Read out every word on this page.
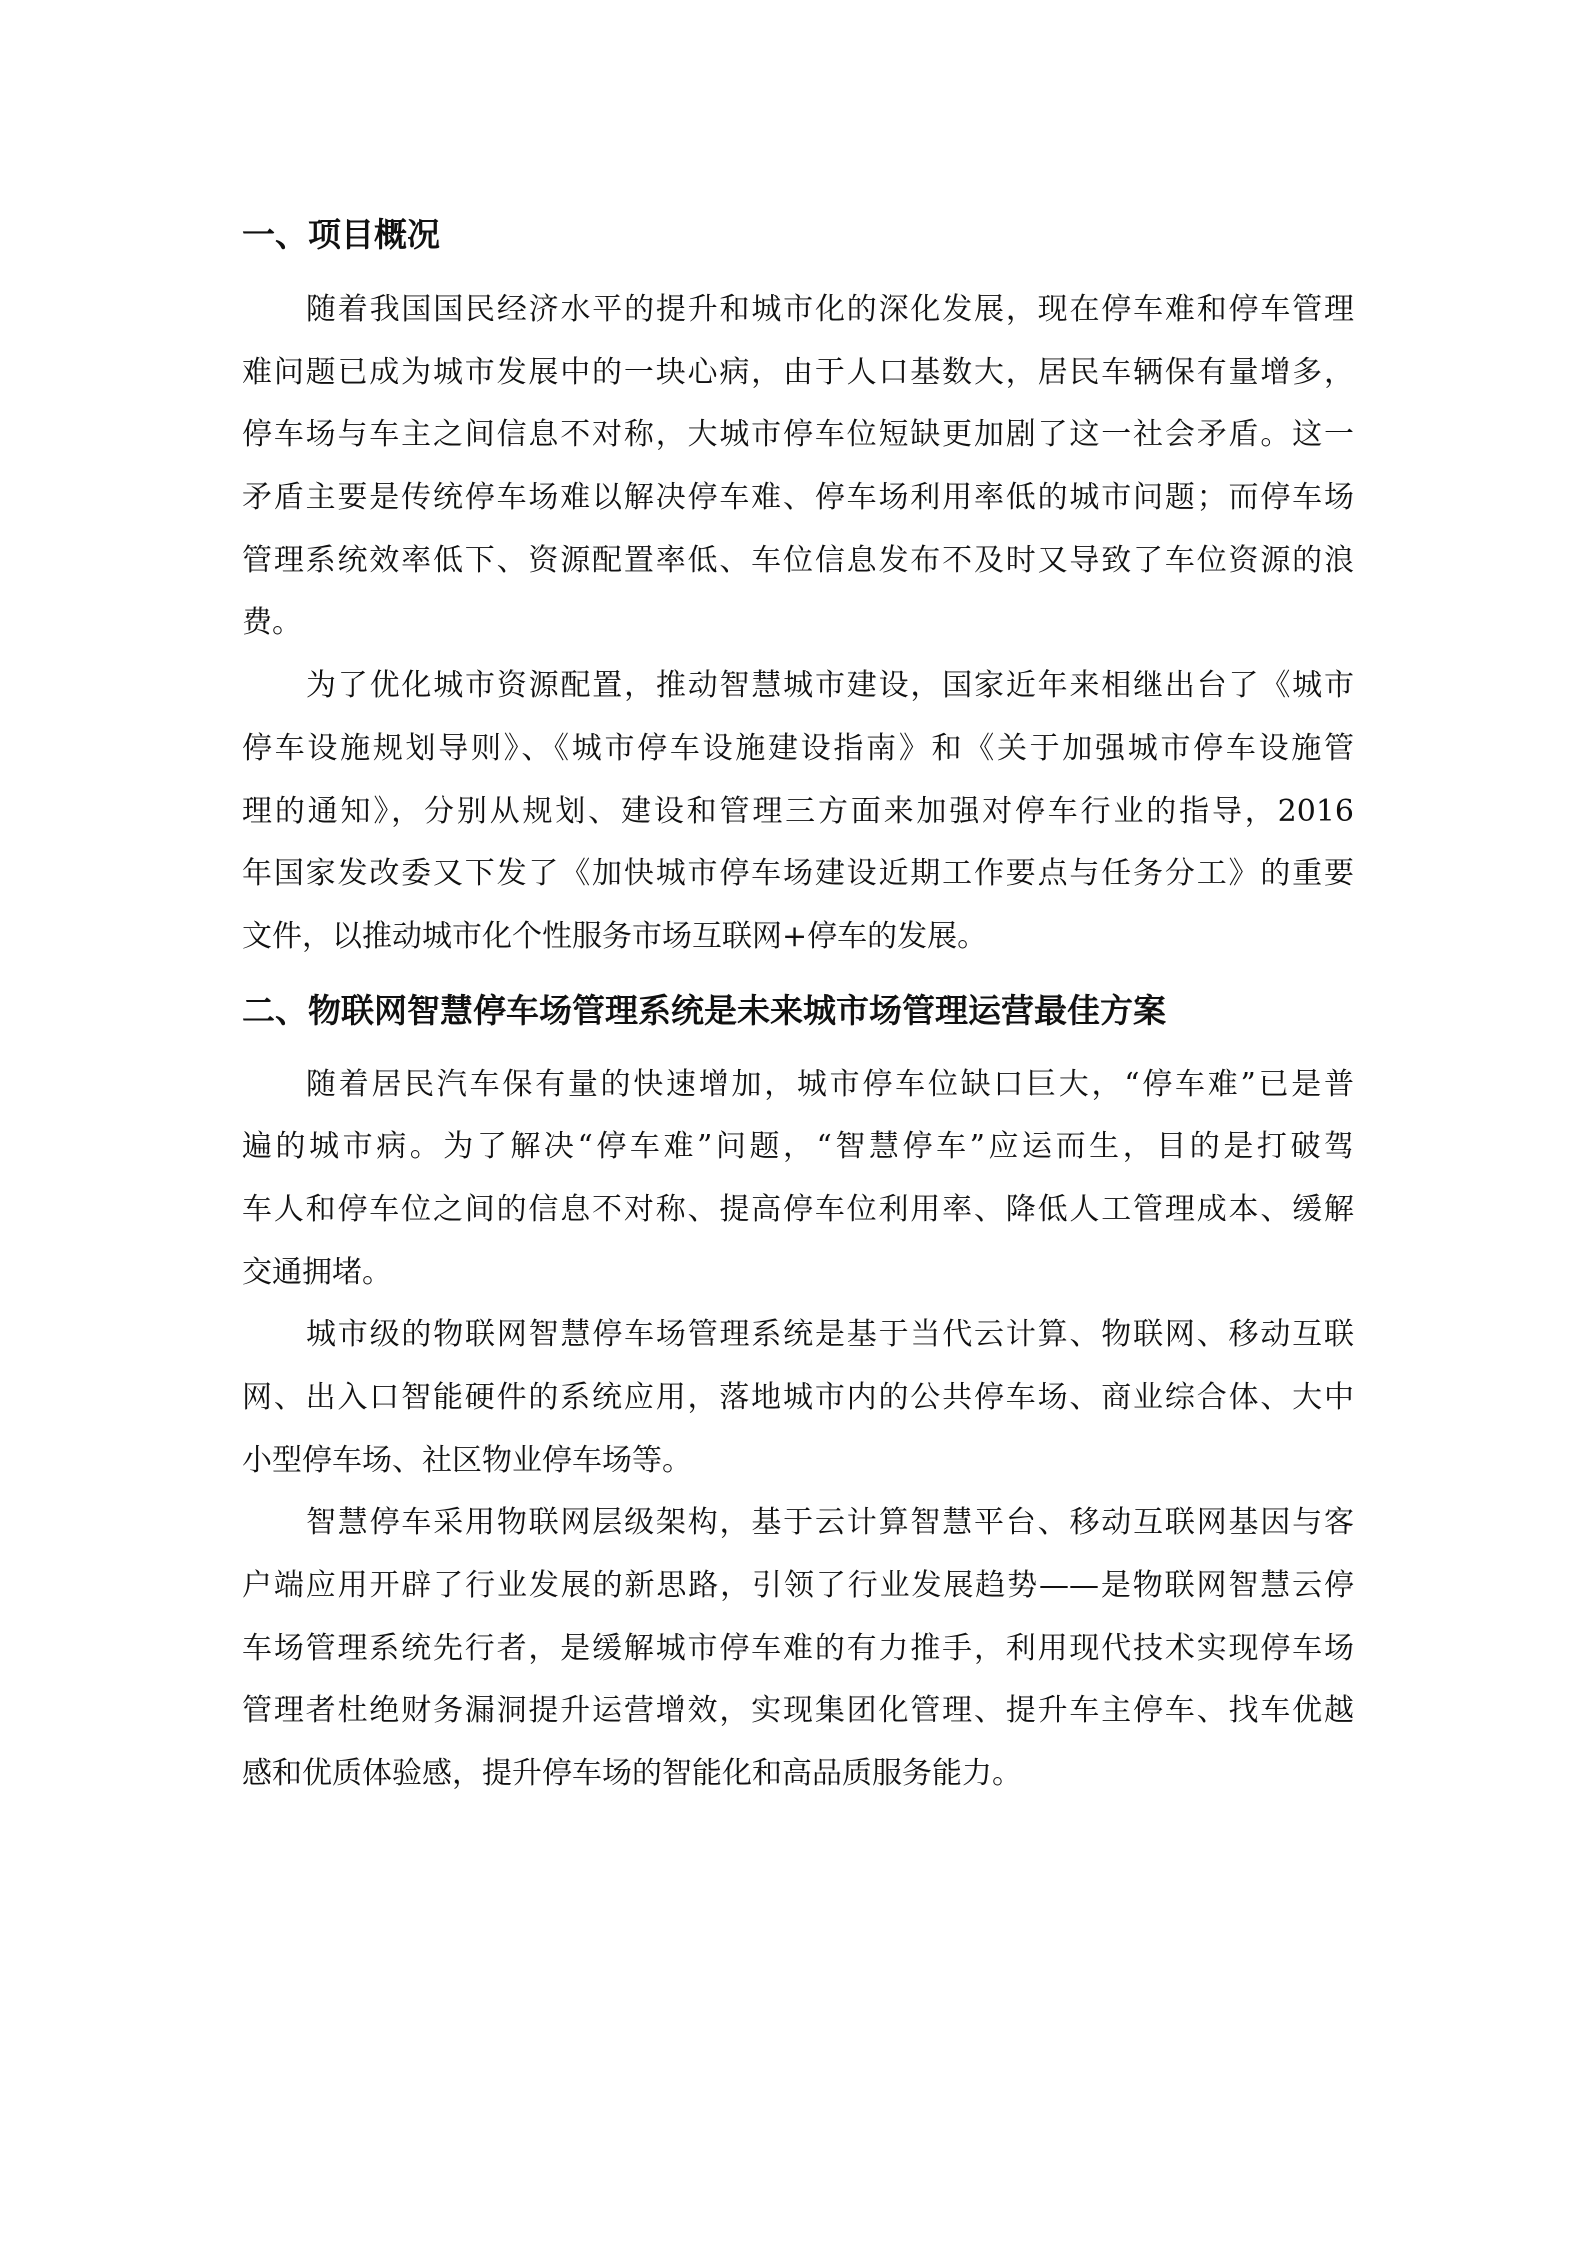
一、项目概况
随着我国国民经济水平的提升和城市化的深化发展，现在停车难和停车管理
难问题已成为城市发展中的一块心病，由于人口基数大，居民车辆保有量增多，
停车场与车主之间信息不对称，大城市停车位短缺更加剧了这一社会矛盾。这一
矛盾主要是传统停车场难以解决停车难、停车场利用率低的城市问题；而停车场
管理系统效率低下、资源配置率低、车位信息发布不及时又导致了车位资源的浪
费。
为了优化城市资源配置，推动智慧城市建设，国家近年来相继出台了《城市
停车设施规划导则》、《城市停车设施建设指南》和《关于加强城市停车设施管
理的通知》，分别从规划、建设和管理三方面来加强对停车行业的指导，2016
年国家发改委又下发了《加快城市停车场建设近期工作要点与任务分工》的重要
文件，以推动城市化个性服务市场互联网+停车的发展。
二、物联网智慧停车场管理系统是未来城市场管理运营最佳方案
随着居民汽车保有量的快速增加，城市停车位缺口巨大，“停车难”已是普
遍的城市病。为了解决“停车难”问题，“智慧停车”应运而生，目的是打破驾
车人和停车位之间的信息不对称、提高停车位利用率、降低人工管理成本、缓解
交通拥堵。
城市级的物联网智慧停车场管理系统是基于当代云计算、物联网、移动互联
网、出入口智能硬件的系统应用，落地城市内的公共停车场、商业综合体、大中
小型停车场、社区物业停车场等。
智慧停车采用物联网层级架构，基于云计算智慧平台、移动互联网基因与客
户端应用开辟了行业发展的新思路，引领了行业发展趋势——是物联网智慧云停
车场管理系统先行者，是缓解城市停车难的有力推手，利用现代技术实现停车场
管理者杜绝财务漏洞提升运营增效，实现集团化管理、提升车主停车、找车优越
感和优质体验感，提升停车场的智能化和高品质服务能力。
